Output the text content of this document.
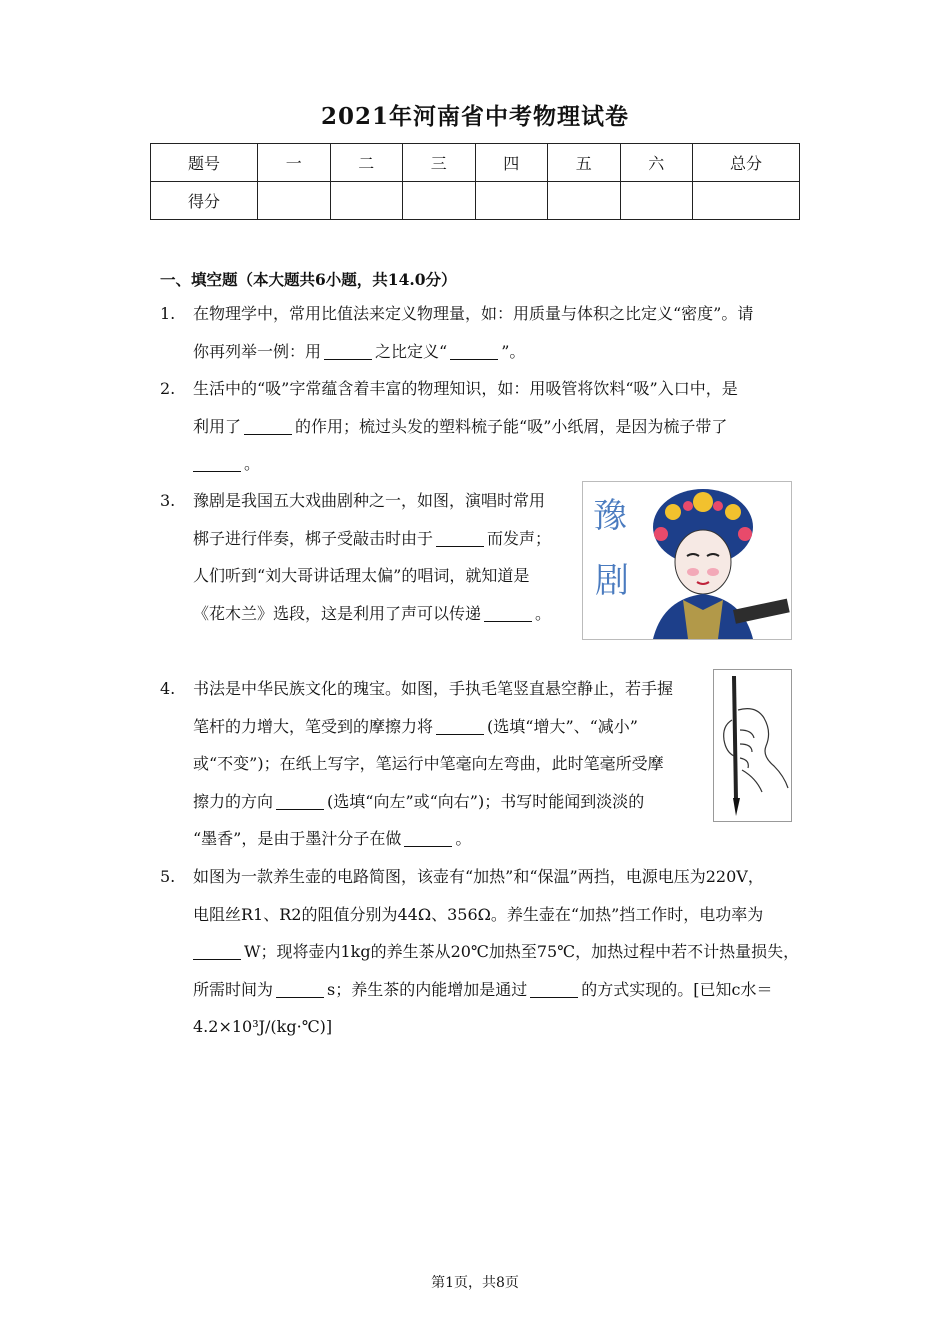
2021年河南省中考物理试卷
题号	一	二	三	四	五	六	总分
得分							
一、填空题（本大题共6小题，共14.0分）
1. 在物理学中，常用比值法来定义物理量，如：用质量与体积之比定义“密度”。请
你再列举一例：用	之比定义“	”。
2. 生活中的“吸”字常蕴含着丰富的物理知识，如：用吸管将饮料“吸”入口中，是
利用了	的作用；梳过头发的塑料梳子能“吸”小纸屑，是因为梳子带了
。
3. 豫剧是我国五大戏曲剧种之一，如图，演唱时常用
梆子进行伴奏，梆子受敲击时由于	而发声；
人们听到“刘大哥讲话理太偏”的唱词，就知道是
《花木兰》选段，这是利用了声可以传递	。
豫
剧
4. 书法是中华民族文化的瑰宝。如图，手执毛笔竖直悬空静止，若手握
笔杆的力增大，笔受到的摩擦力将	(选填“增大”、“减小”
或“不变”)；在纸上写字，笔运行中笔毫向左弯曲，此时笔毫所受摩
擦力的方向	(选填“向左”或“向右”)；书写时能闻到淡淡的
“墨香”，是由于墨汁分子在做	。
5. 如图为一款养生壶的电路简图，该壶有“加热”和“保温”两挡，电源电压为220V，
电阻丝R1、R2的阻值分别为44Ω、356Ω。养生壶在“加热”挡工作时，电功率为
W；现将壶内1kg的养生茶从20℃加热至75℃，加热过程中若不计热量损失，
所需时间为	s；养生茶的内能增加是通过	的方式实现的。[已知c水＝
4.2×10³J/(kg·℃)]
第1页，共8页
